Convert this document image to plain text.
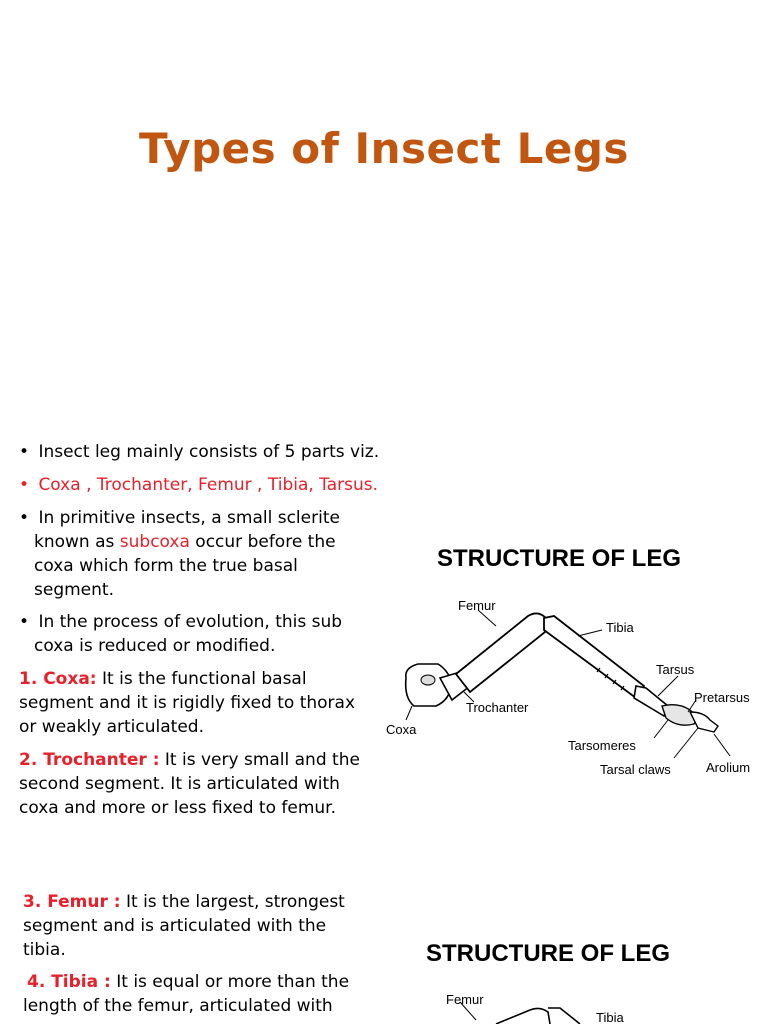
Types of Insect Legs
• Insect leg mainly consists of 5 parts viz.
• Coxa , Trochanter, Femur , Tibia, Tarsus.
• In primitive insects, a small sclerite
known as subcoxa occur before the
coxa which form the true basal
segment.
• In the process of evolution, this sub
coxa is reduced or modified.
1. Coxa: It is the functional basal
segment and it is rigidly fixed to thorax
or weakly articulated.
2. Trochanter : It is very small and the
second segment. It is articulated with
coxa and more or less fixed to femur.
3. Femur : It is the largest, strongest
segment and is articulated with the
tibia.
4. Tibia : It is equal or more than the
length of the femur, articulated with
STRUCTURE OF LEG
Femur
Tibia
Tarsus
Pretarsus
Trochanter
Coxa
Tarsomeres
Tarsal claws	Arolium
STRUCTURE OF LEG
Femur
Tibia
